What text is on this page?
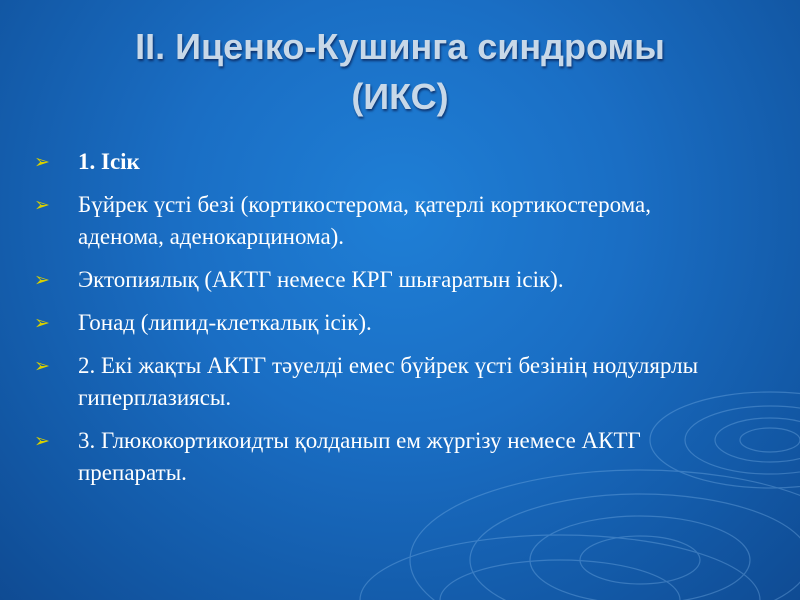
II. Иценко-Кушинга синдромы
(ИКС)
➢ 1. Ісік
➢ Бүйрек үсті безі (кортикостерома, қатерлі кортикостерома, аденома, аденокарцинома).
➢ Эктопиялық (АКТГ немесе КРГ шығаратын ісік).
➢ Гонад (липид-клеткалық ісік).
➢ 2. Екі жақты АКТГ тәуелді емес бүйрек үсті безінің нодулярлы гиперплазиясы.
➢ 3. Глюкокортикоидты қолданып ем жүргізу немесе АКТГ препараты.
